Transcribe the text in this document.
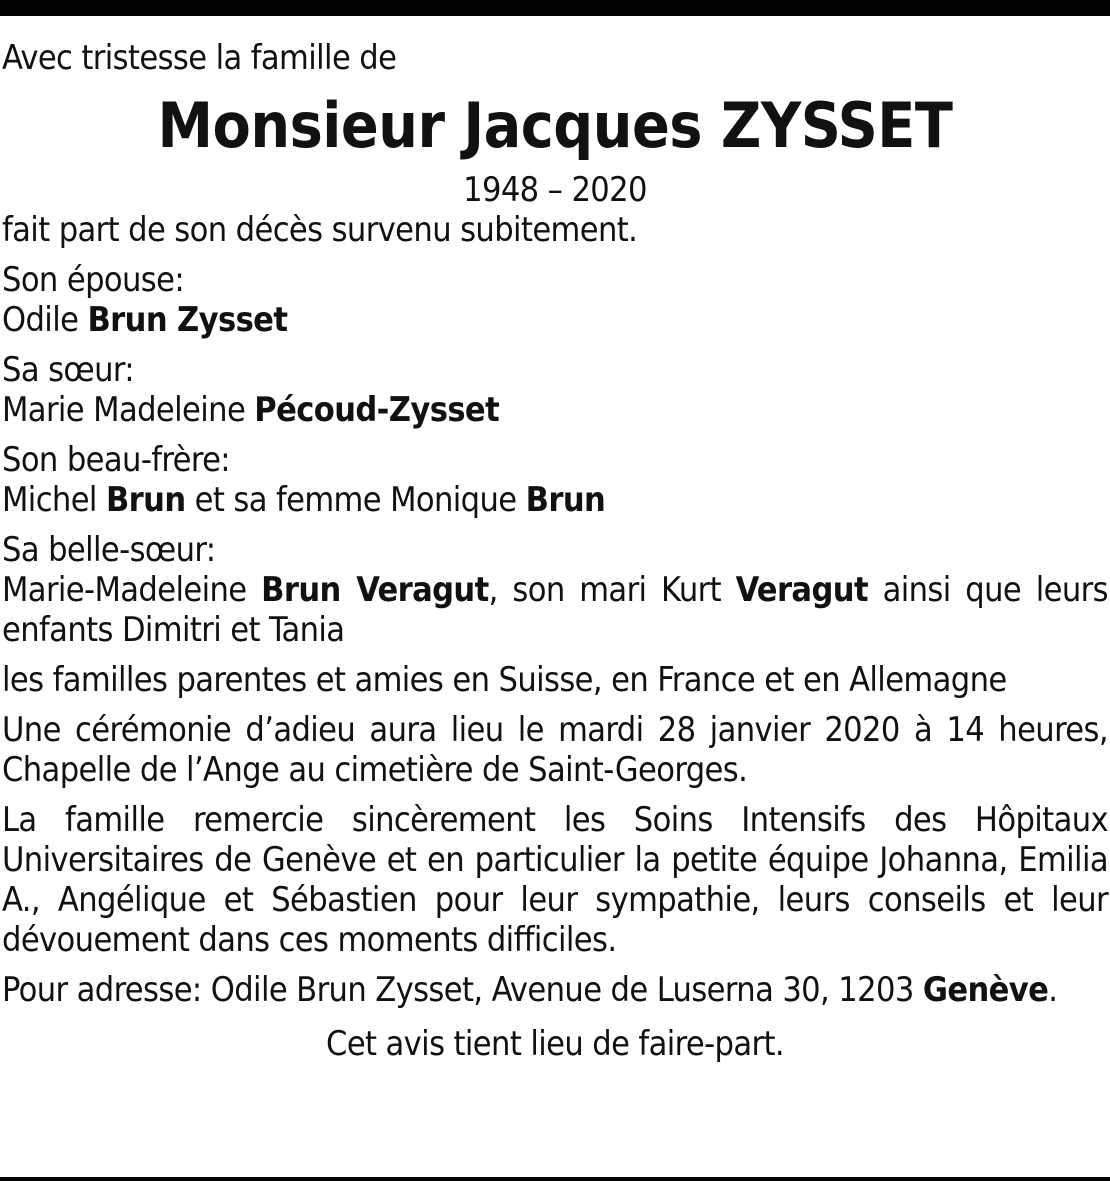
Avec tristesse la famille de
Monsieur Jacques ZYSSET
1948 – 2020
fait part de son décès survenu subitement.
Son épouse:
Odile Brun Zysset
Sa sœur:
Marie Madeleine Pécoud-Zysset
Son beau-frère:
Michel Brun et sa femme Monique Brun
Sa belle-sœur:
Marie-Madeleine Brun Veragut, son mari Kurt Veragut ainsi que leurs enfants Dimitri et Tania
les familles parentes et amies en Suisse, en France et en Allemagne
Une cérémonie d’adieu aura lieu le mardi 28 janvier 2020 à 14 heures, Chapelle de l’Ange au cimetière de Saint-Georges.
La famille remercie sincèrement les Soins Intensifs des Hôpitaux Universitaires de Genève et en particulier la petite équipe Johanna, Emilia A., Angélique et Sébastien pour leur sympathie, leurs conseils et leur dévouement dans ces moments difficiles.
Pour adresse: Odile Brun Zysset, Avenue de Luserna 30, 1203 Genève.
Cet avis tient lieu de faire-part.
